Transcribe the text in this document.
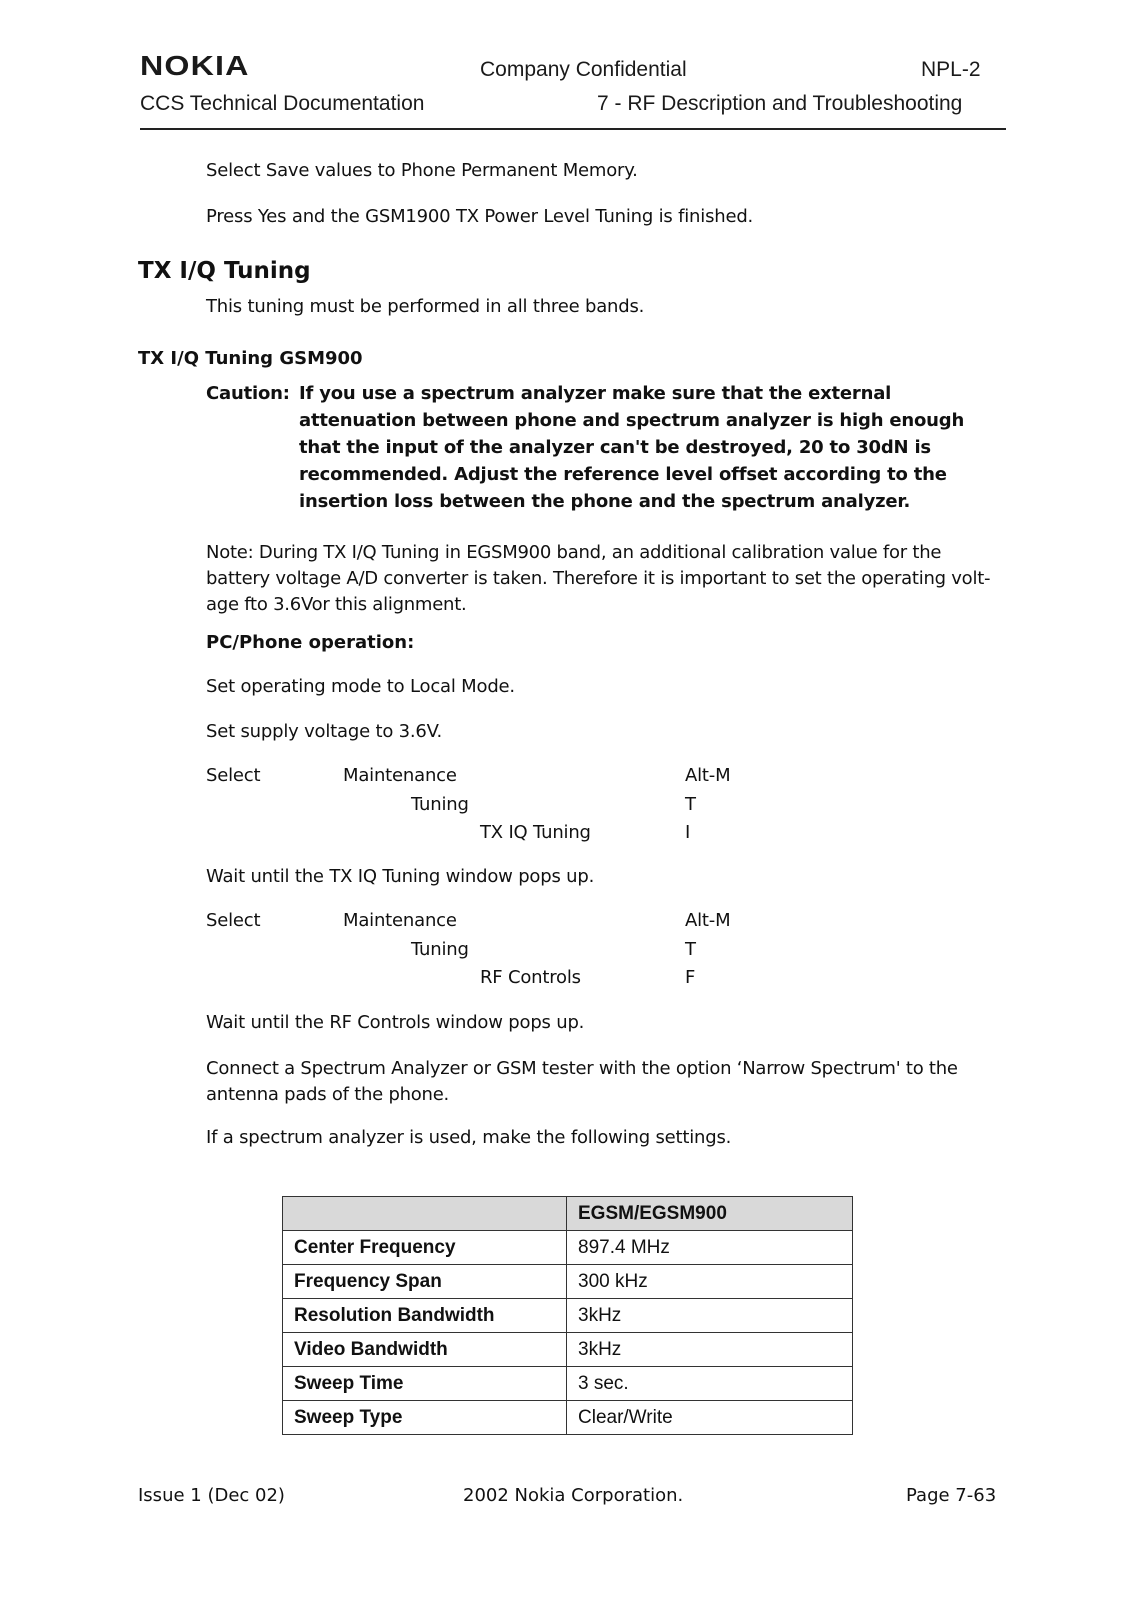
NOKIA	Company Confidential	NPL-2
CCS Technical Documentation	7 - RF Description and Troubleshooting
Select Save values to Phone Permanent Memory.
Press Yes and the GSM1900 TX Power Level Tuning is finished.
TX I/Q Tuning
This tuning must be performed in all three bands.
TX I/Q Tuning GSM900
Caution: If you use a spectrum analyzer make sure that the external attenuation between phone and spectrum analyzer is high enough that the input of the analyzer can't be destroyed, 20 to 30dN is recommended. Adjust the reference level offset according to the insertion loss between the phone and the spectrum analyzer.
Note: During TX I/Q Tuning in EGSM900 band, an additional calibration value for the battery voltage A/D converter is taken. Therefore it is important to set the operating volt-age fto 3.6Vor this alignment.
PC/Phone operation:
Set operating mode to Local Mode.
Set supply voltage to 3.6V.
Select	Maintenance	Alt-M
Tuning	T
TX IQ Tuning	I
Wait until the TX IQ Tuning window pops up.
Select	Maintenance	Alt-M
Tuning	T
RF Controls	F
Wait until the RF Controls window pops up.
Connect a Spectrum Analyzer or GSM tester with the option ‘Narrow Spectrum' to the antenna pads of the phone.
If a spectrum analyzer is used, make the following settings.
	EGSM/EGSM900
Center Frequency	897.4 MHz
Frequency Span	300 kHz
Resolution Bandwidth	3kHz
Video Bandwidth	3kHz
Sweep Time	3 sec.
Sweep Type	Clear/Write
Issue 1 (Dec 02)	2002 Nokia Corporation.	Page 7-63
